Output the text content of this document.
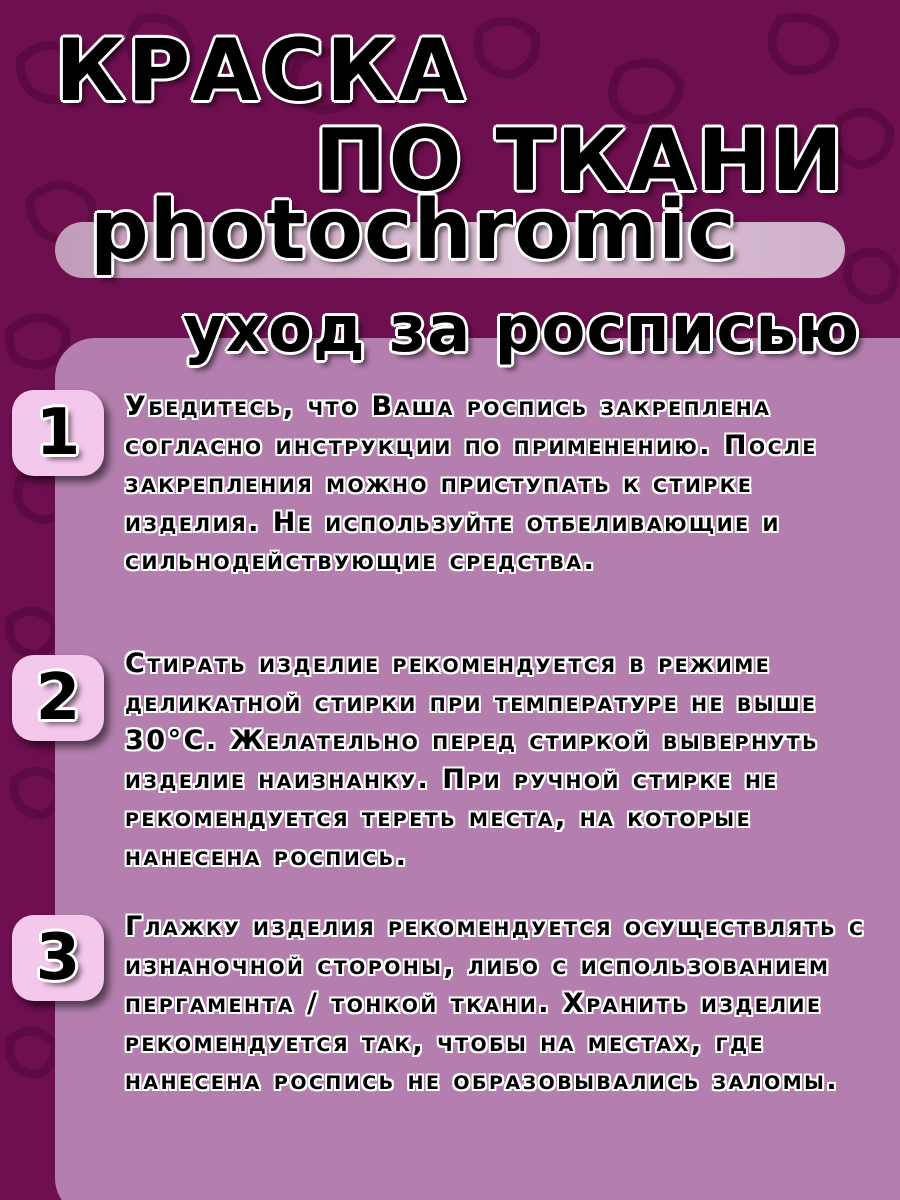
КРАСКА
ПО ТКАНИ
photochromic
уход за росписью
1 Убедитесь, что Ваша роспись закреплена согласно инструкции по применению. После закрепления можно приступать к стирке изделия. Не используйте отбеливающие и сильнодействующие средства.
2 Стирать изделие рекомендуется в режиме деликатной стирки при температуре не выше 30°С. Желательно перед стиркой вывернуть изделие наизнанку. При ручной стирке не рекомендуется тереть места, на которые нанесена роспись.
3 Глажку изделия рекомендуется осуществлять с изнаночной стороны, либо с использованием пергамента / тонкой ткани. Хранить изделие рекомендуется так, чтобы на местах, где нанесена роспись не образовывались заломы.
